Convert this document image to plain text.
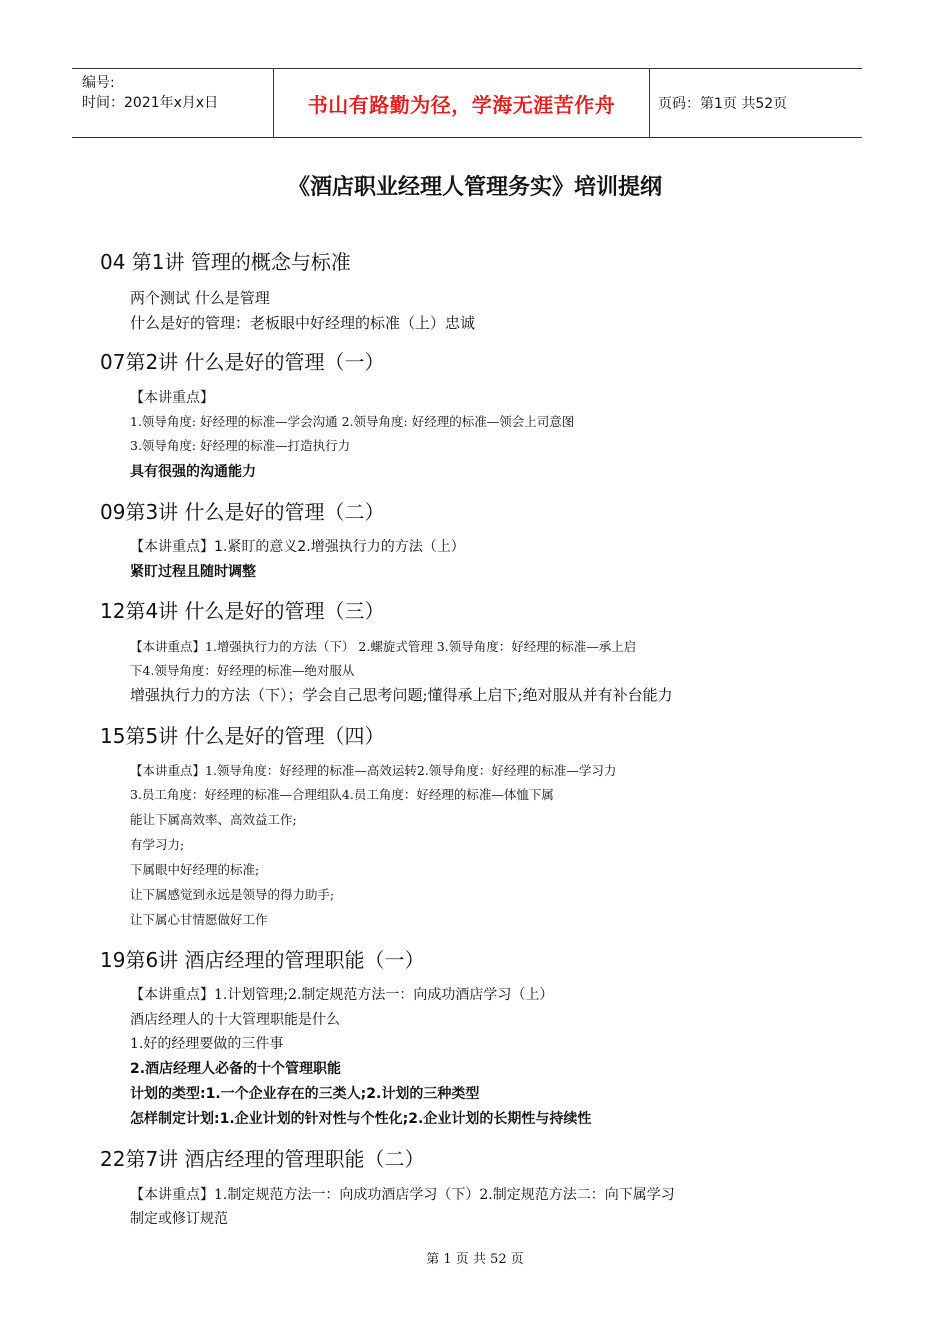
编号:
时间：2021年x月x日	书山有路勤为径，学海无涯苦作舟	页码：第1页 共52页
《酒店职业经理人管理务实》培训提纲
04 第1讲 管理的概念与标准
两个测试 什么是管理
什么是好的管理：老板眼中好经理的标准（上）忠诚
07第2讲 什么是好的管理（一）
【本讲重点】
1.领导角度: 好经理的标准—学会沟通 2.领导角度: 好经理的标准—领会上司意图
3.领导角度: 好经理的标准—打造执行力
具有很强的沟通能力
09第3讲 什么是好的管理（二）
【本讲重点】1.紧盯的意义2.增强执行力的方法（上）
紧盯过程且随时调整
12第4讲 什么是好的管理（三）
【本讲重点】1.增强执行力的方法（下） 2.螺旋式管理 3.领导角度：好经理的标准—承上启
下4.领导角度：好经理的标准—绝对服从
增强执行力的方法（下）；学会自己思考问题;懂得承上启下;绝对服从并有补台能力
15第5讲 什么是好的管理（四）
【本讲重点】1.领导角度：好经理的标准—高效运转2.领导角度：好经理的标准—学习力
3.员工角度：好经理的标准—合理组队4.员工角度：好经理的标准—体恤下属
能让下属高效率、高效益工作;
有学习力;
下属眼中好经理的标准;
让下属感觉到永远是领导的得力助手;
让下属心甘情愿做好工作
19第6讲 酒店经理的管理职能（一）
【本讲重点】1.计划管理;2.制定规范方法一：向成功酒店学习（上）
酒店经理人的十大管理职能是什么
1.好的经理要做的三件事
2.酒店经理人必备的十个管理职能
计划的类型:1.一个企业存在的三类人;2.计划的三种类型
怎样制定计划:1.企业计划的针对性与个性化;2.企业计划的长期性与持续性
22第7讲 酒店经理的管理职能（二）
【本讲重点】1.制定规范方法一：向成功酒店学习（下）2.制定规范方法二：向下属学习
制定或修订规范
第 1 页 共 52 页
